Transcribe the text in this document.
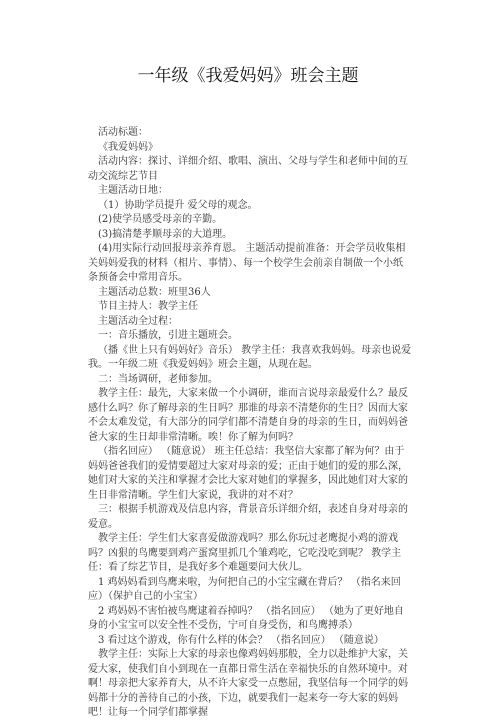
一年级《我爱妈妈》班会主题

活动标题：

《我爱妈妈》

活动内容：探讨、详细介绍、歌唱、演出、父母与学生和老师中间的互动交流综艺节目

主题活动日地：

（1）协助学员提升 爱父母的观念。

(2)使学员感受母亲的辛勤。

(3)搞清楚孝顺母亲的大道理。

(4)用实际行动回报母亲养育恩。 主题活动提前准备：开会学员收集相关妈妈爱我的材料（相片、事情）、每一个校学生会前亲自制做一个小纸条预备会中常用音乐。

主题活动总数：班里36人

节目主持人：教学主任

主题活动全过程：

一：音乐播放，引进主题班会。

（播《世上只有妈妈好》音乐） 教学主任：我喜欢我妈妈。母亲也说爱我。一年级二班《我爱妈妈》班会主题，从现在起。

二：当场调研，老师参加。

教学主任：最先，大家来做一个小调研，谁而言说母亲最爱什么？最反感什么吗？你了解母亲的生日吗？那谁的母亲不清楚你的生日？因而大家不会太难发觉，有大部分的同学们都不清楚自身的母亲的生日，而妈妈爸爸大家的生日却非常清晰。唉！你了解为何吗？

（指名回应） （随意说） 班主任总结：我坚信大家都了解为何？由于妈妈爸爸我们的爱情要超过大家对母亲的爱；正由于她们的爱的那么深，她们对大家的关注和掌握才会比大家对她们的掌握多，因此她们对大家的生日非常清晰。学生们大家说，我讲的对不对？

三：根据手机游戏及信息内容，背景音乐详细介绍，表述自身对母亲的爱意。

教学主任：学生们大家喜爱做游戏吗？那么你玩过老鹰捉小鸡的游戏吗？凶狠的鸟鹰要到鸡产蛋窝里抓几个雏鸡吃，它吃没吃到呢？ 教学主任：看了综艺节目，是我好多个难题要问大伙儿。

1 鸡妈妈看到鸟鹰来啦，为何把自己的小宝宝藏在背后？ （指名来回应）（保护自己的小宝宝）

2 鸡妈妈不害怕被鸟鹰逮着吞掉吗？ （指名回应） （她为了更好地自身的小宝宝可以安全性不受伤，宁可自身受伤，和鸟鹰搏杀）

3 看过这个游戏，你有什么样的体会？ （指名回应） （随意说）

教学主任：实际上大家的母亲也像鸡妈妈那般，全力以赴维护大家，关爱大家，使我们自小到现在一直都日常生活在幸福快乐的自然环境中。对啊！母亲把大家养育大，从不许大家受一点憋屈，我坚信每一个同学的妈妈都十分的善待自己的小孩，下边，就要我们一起来夸一夸大家的妈妈吧！让每一个同学们都掌握
